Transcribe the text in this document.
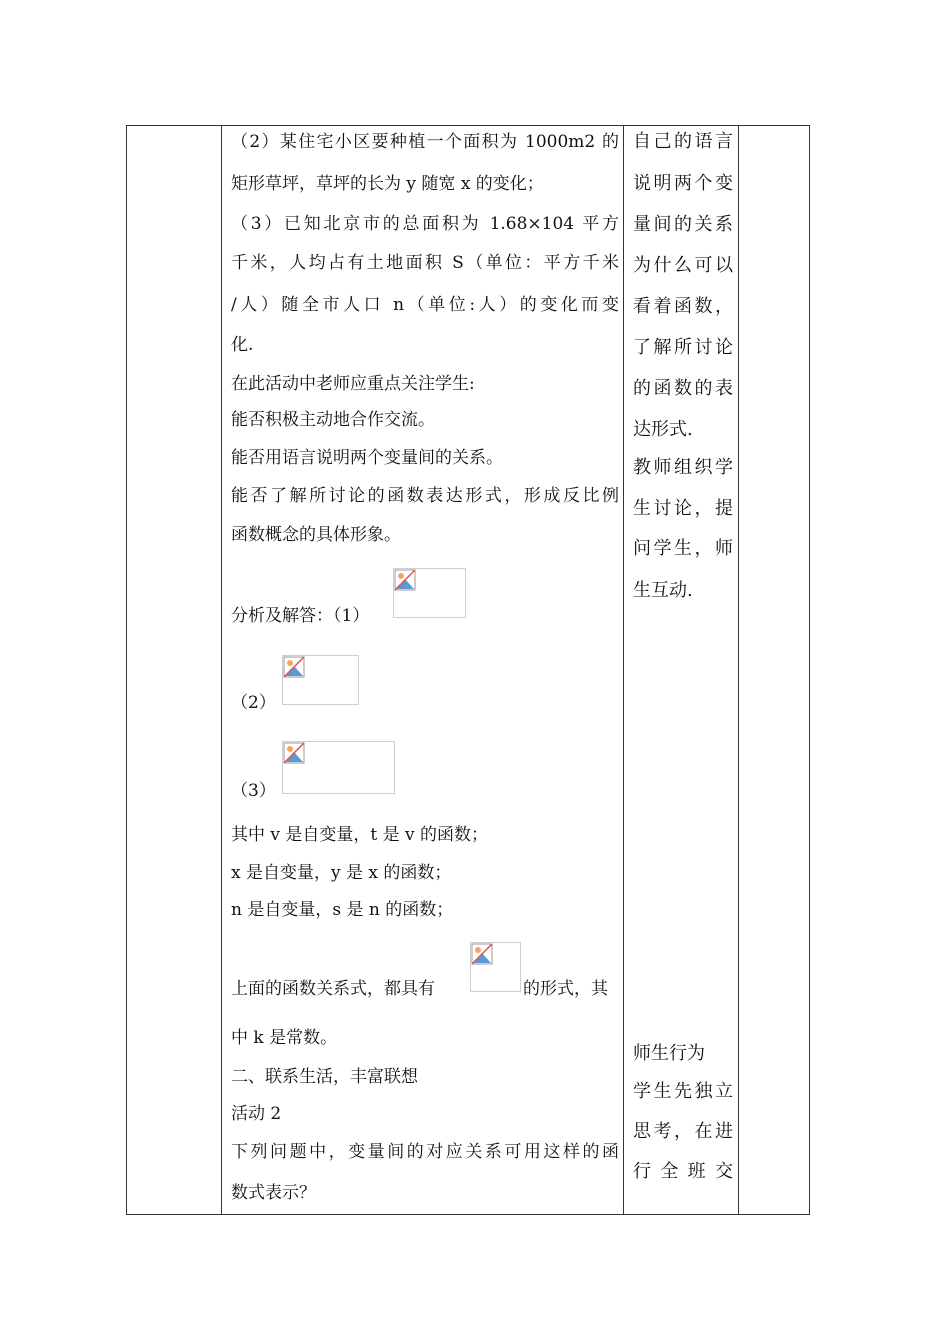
（2）某住宅小区要种植一个面积为 1000m2 的

矩形草坪，草坪的长为 y 随宽 x 的变化；

（3）已知北京市的总面积为 1.68×104 平方

千米，人均占有土地面积 S（单位：平方千米

/人）随全市人口 n（单位:人）的变化而变

化.

在此活动中老师应重点关注学生:

能否积极主动地合作交流。

能否用语言说明两个变量间的关系。

能否了解所讨论的函数表达形式，形成反比例

函数概念的具体形象。

分析及解答：（1）

（2）

（3）

其中 v 是自变量，t 是 v 的函数；

x 是自变量，y 是 x 的函数；

n 是自变量，s 是 n 的函数；

上面的函数关系式，都具有	的形式，其

中 k 是常数。

二、联系生活，丰富联想

活动 2

下列问题中，变量间的对应关系可用这样的函

数式表示？

自己的语言

说明两个变

量间的关系

为什么可以

看着函数，

了解所讨论

的函数的表

达形式.

教师组织学

生讨论，提

问学生，师

生互动.

师生行为

学生先独立

思考，在进

行 全 班 交
